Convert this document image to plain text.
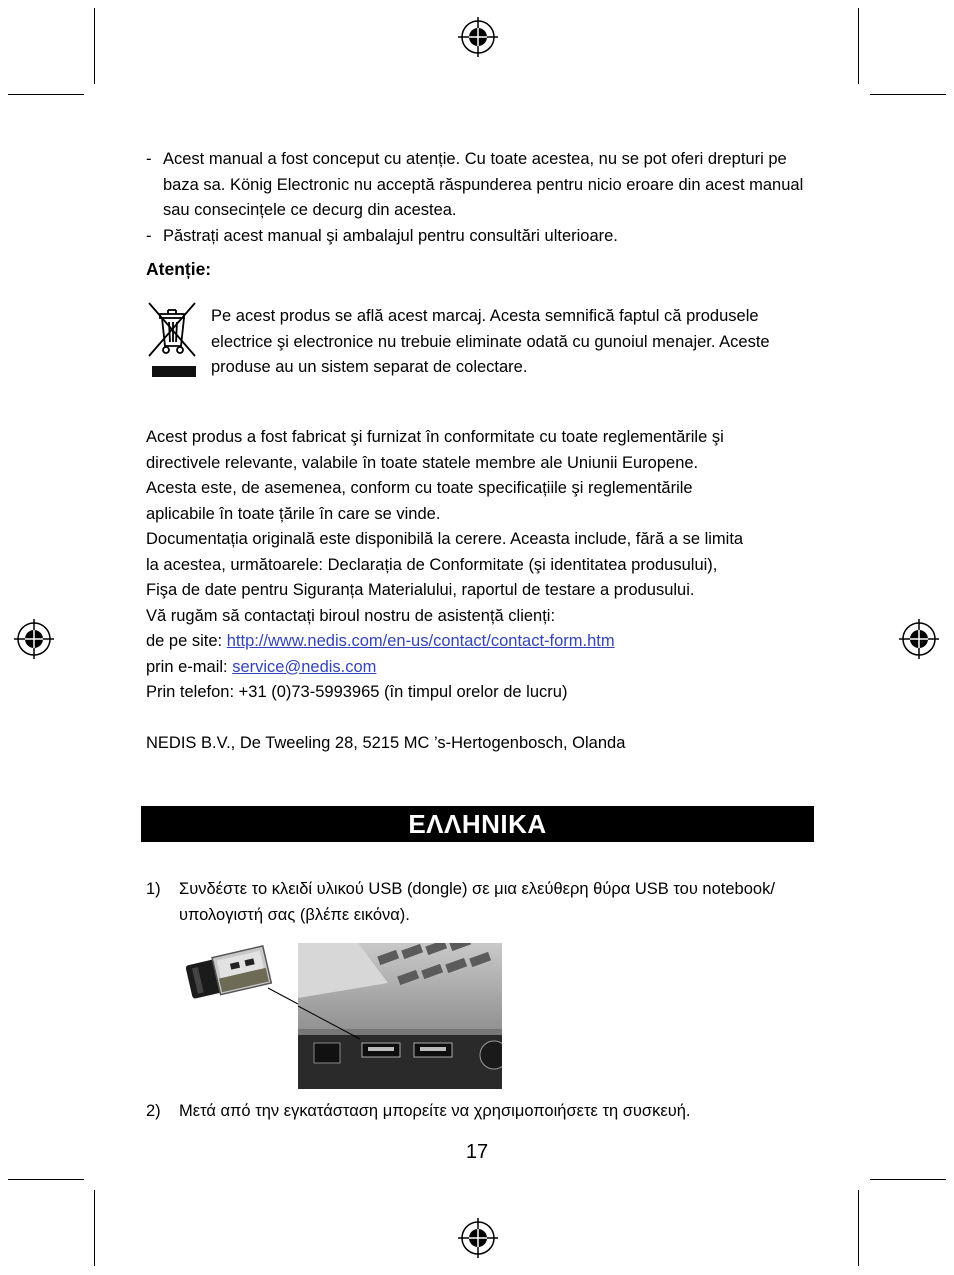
- Acest manual a fost conceput cu atenție. Cu toate acestea, nu se pot oferi drepturi pe baza sa. König Electronic nu acceptă răspunderea pentru nicio eroare din acest manual sau consecințele ce decurg din acestea.
- Păstrați acest manual şi ambalajul pentru consultări ulterioare.

Atenție:

Pe acest produs se află acest marcaj. Acesta semnifică faptul că produsele electrice şi electronice nu trebuie eliminate odată cu gunoiul menajer. Aceste produse au un sistem separat de colectare.

Acest produs a fost fabricat şi furnizat în conformitate cu toate reglementările şi
directivele relevante, valabile în toate statele membre ale Uniunii Europene.
Acesta este, de asemenea, conform cu toate specificațiile şi reglementările
aplicabile în toate țările în care se vinde.
Documentația originală este disponibilă la cerere. Aceasta include, fără a se limita
la acestea, următoarele: Declarația de Conformitate (şi identitatea produsului),
Fişa de date pentru Siguranța Materialului, raportul de testare a produsului.
Vă rugăm să contactați biroul nostru de asistență clienți:
de pe site: http://www.nedis.com/en-us/contact/contact-form.htm
prin e-mail: service@nedis.com
Prin telefon: +31 (0)73-5993965 (în timpul orelor de lucru)

NEDIS B.V., De Tweeling 28, 5215 MC ’s-Hertogenbosch, Olanda

ΕΛΛΗΝΙΚΑ
1) Συνδέστε το κλειδί υλικού USB (dongle) σε μια ελεύθερη θύρα USB του notebook/υπολογιστή σας (βλέπε εικόνα).
2) Μετά από την εγκατάσταση μπορείτε να χρησιμοποιήσετε τη συσκευή.
17
